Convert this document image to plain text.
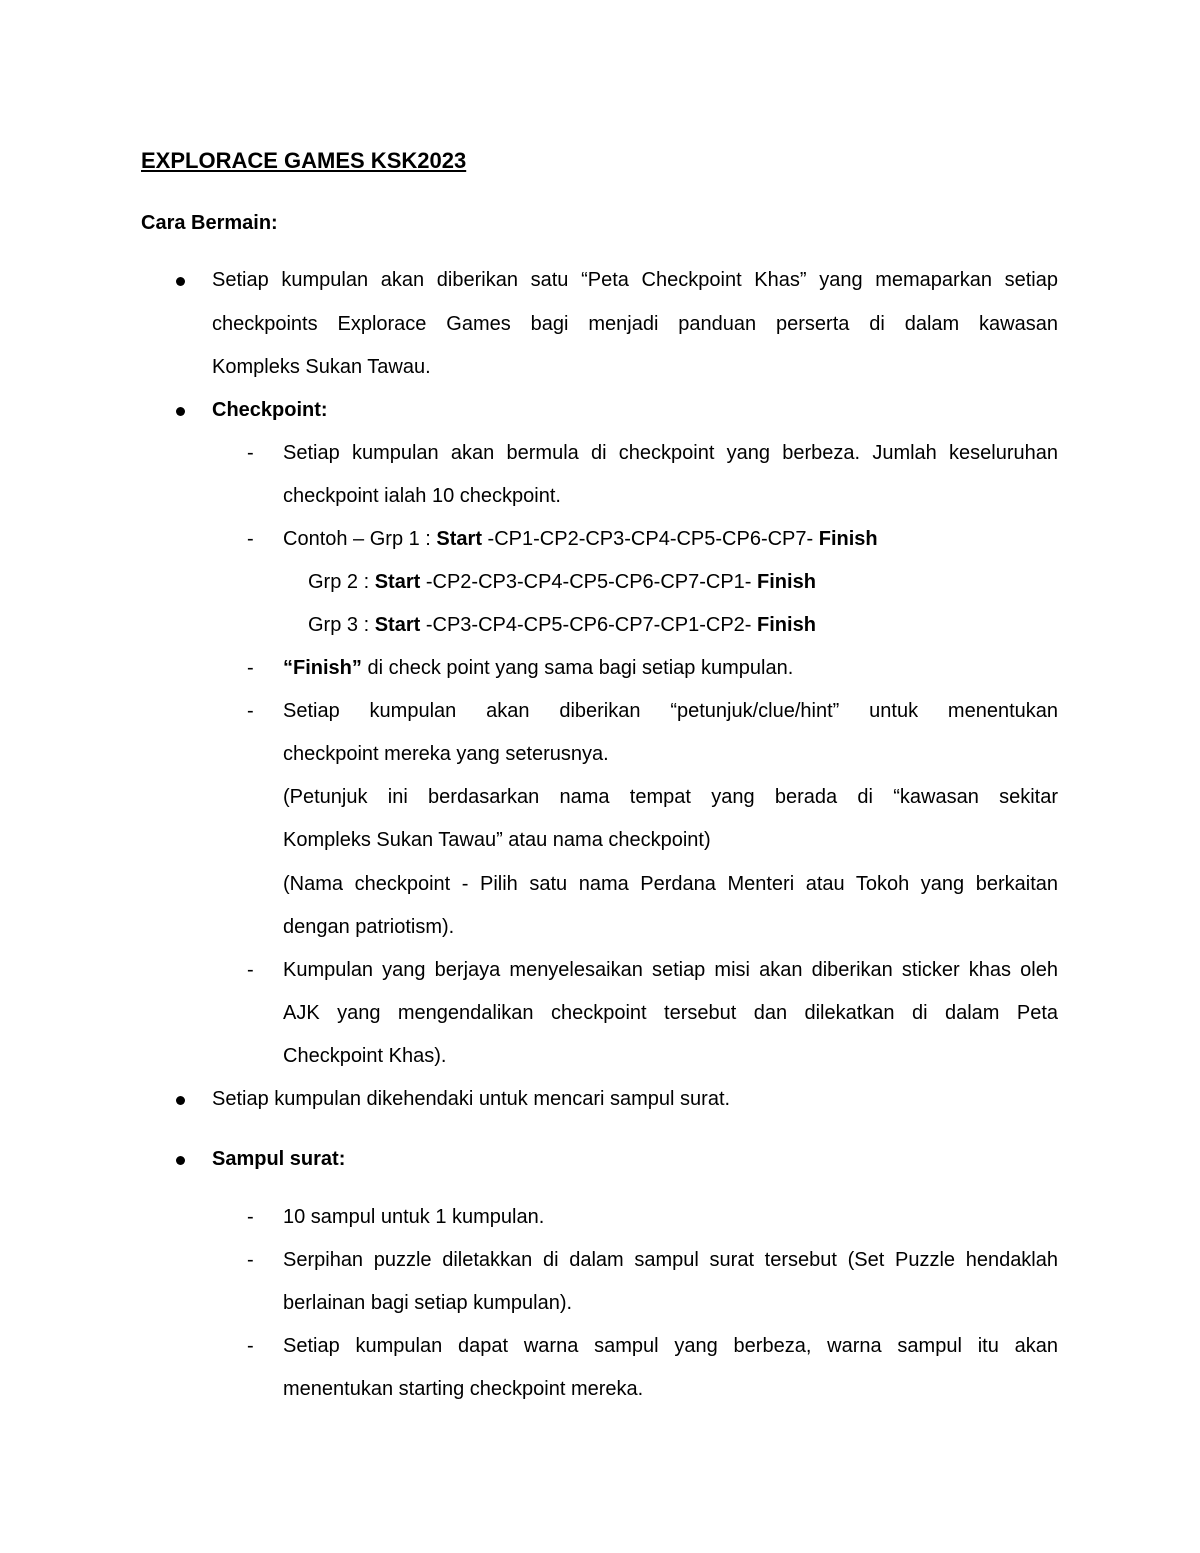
EXPLORACE GAMES KSK2023
Cara Bermain:
Setiap kumpulan akan diberikan satu “Peta Checkpoint Khas” yang memaparkan setiap
checkpoints Explorace Games bagi menjadi panduan perserta di dalam kawasan
Kompleks Sukan Tawau.
Checkpoint:
- Setiap kumpulan akan bermula di checkpoint yang berbeza. Jumlah keseluruhan
checkpoint ialah 10 checkpoint.
- Contoh – Grp 1 : Start -CP1-CP2-CP3-CP4-CP5-CP6-CP7- Finish
Grp 2 : Start -CP2-CP3-CP4-CP5-CP6-CP7-CP1- Finish
Grp 3 : Start -CP3-CP4-CP5-CP6-CP7-CP1-CP2- Finish
- “Finish” di check point yang sama bagi setiap kumpulan.
- Setiap kumpulan akan diberikan “petunjuk/clue/hint” untuk menentukan
checkpoint mereka yang seterusnya.
(Petunjuk ini berdasarkan nama tempat yang berada di “kawasan sekitar
Kompleks Sukan Tawau” atau nama checkpoint)
(Nama checkpoint - Pilih satu nama Perdana Menteri atau Tokoh yang berkaitan
dengan patriotism).
- Kumpulan yang berjaya menyelesaikan setiap misi akan diberikan sticker khas oleh
AJK yang mengendalikan checkpoint tersebut dan dilekatkan di dalam Peta
Checkpoint Khas).
Setiap kumpulan dikehendaki untuk mencari sampul surat.
Sampul surat:
- 10 sampul untuk 1 kumpulan.
- Serpihan puzzle diletakkan di dalam sampul surat tersebut (Set Puzzle hendaklah
berlainan bagi setiap kumpulan).
- Setiap kumpulan dapat warna sampul yang berbeza, warna sampul itu akan
menentukan starting checkpoint mereka.
